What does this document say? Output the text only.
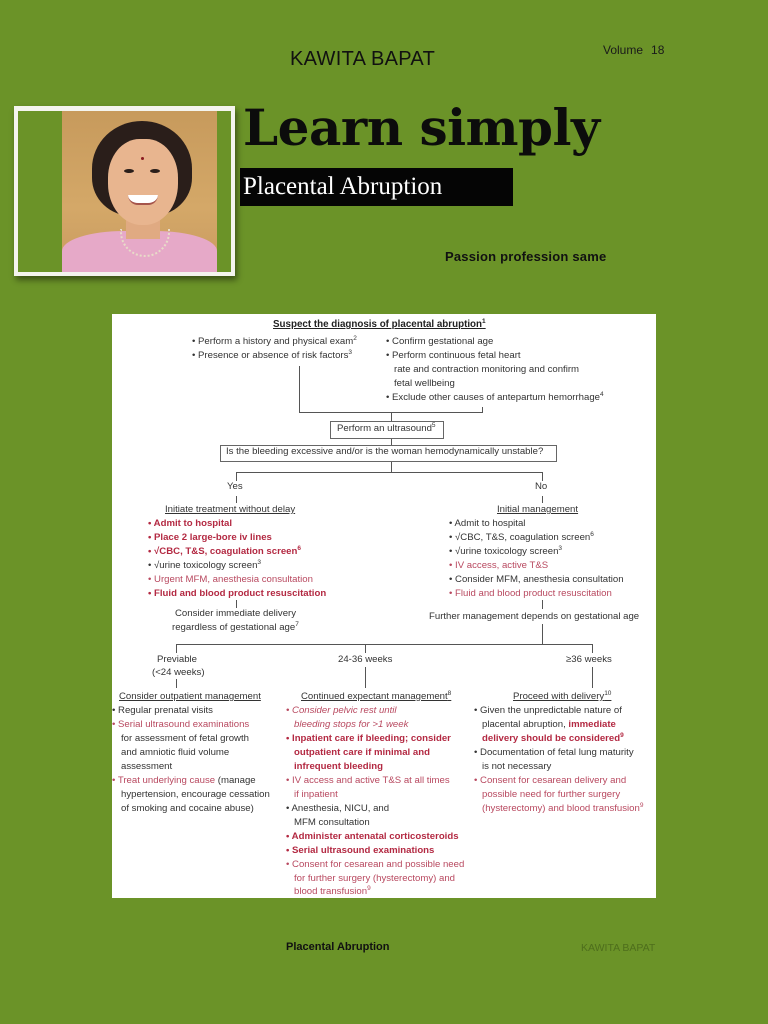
KAWITA BAPAT	Volume 18
Learn simply
Placental Abruption
Passion profession same
Suspect the diagnosis of placental abruption$^1$
• Perform a history and physical exam$^2$
• Presence or absence of risk factors$^3$
• Confirm gestational age
• Perform continuous fetal heart
rate and contraction monitoring and confirm
fetal wellbeing
• Exclude other causes of antepartum hemorrhage$^4$
Perform an ultrasound$^5$
Is the bleeding excessive and/or is the woman hemodynamically unstable?
Yes	No
Initiate treatment without delay
• Admit to hospital
• Place 2 large-bore iv lines
• √CBC, T&S, coagulation screen$^6$
• √urine toxicology screen$^3$
• Urgent MFM, anesthesia consultation
• Fluid and blood product resuscitation
Consider immediate delivery
regardless of gestational age$^7$
Initial management
• Admit to hospital
• √CBC, T&S, coagulation screen$^6$
• √urine toxicology screen$^3$
• IV access, active T&S
• Consider MFM, anesthesia consultation
• Fluid and blood product resuscitation
Further management depends on gestational age
Previable
(<24 weeks)
24-36 weeks	≥36 weeks
Consider outpatient management
• Regular prenatal visits
• Serial ultrasound examinations
for assessment of fetal growth
and amniotic fluid volume
assessment
• Treat underlying cause (manage
hypertension, encourage cessation
of smoking and cocaine abuse)
Continued expectant management$^8$
• Consider pelvic rest until
bleeding stops for >1 week
• Inpatient care if bleeding; consider
outpatient care if minimal and
infrequent bleeding
• IV access and active T&S at all times
if inpatient
• Anesthesia, NICU, and
MFM consultation
• Administer antenatal corticosteroids
• Serial ultrasound examinations
• Consent for cesarean and possible need
for further surgery (hysterectomy) and
blood transfusion$^9$
Proceed with delivery$^{10}$
• Given the unpredictable nature of
placental abruption, immediate
delivery should be considered$^9$
• Documentation of fetal lung maturity
is not necessary
• Consent for cesarean delivery and
possible need for further surgery
(hysterectomy) and blood transfusion$^9$
Placental Abruption	KAWITA BAPAT
